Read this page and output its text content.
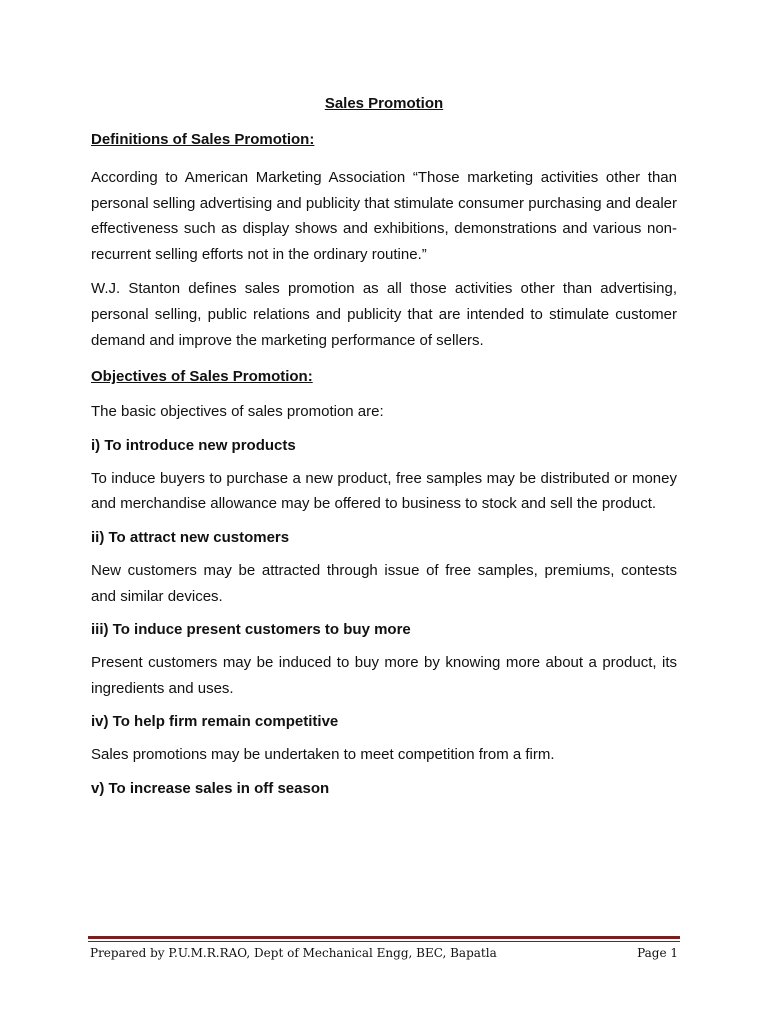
Sales Promotion
Definitions of Sales Promotion:

According to American Marketing Association “Those marketing activities other than personal selling advertising and publicity that stimulate consumer purchasing and dealer effectiveness such as display shows and exhibitions, demonstrations and various non-recurrent selling efforts not in the ordinary routine.”

W.J. Stanton defines sales promotion as all those activities other than advertising, personal selling, public relations and publicity that are intended to stimulate customer demand and improve the marketing performance of sellers.

Objectives of Sales Promotion:

The basic objectives of sales promotion are:

i) To introduce new products

To induce buyers to purchase a new product, free samples may be distributed or money and merchandise allowance may be offered to business to stock and sell the product.

ii) To attract new customers

New customers may be attracted through issue of free samples, premiums, contests and similar devices.

iii) To induce present customers to buy more

Present customers may be induced to buy more by knowing more about a product, its ingredients and uses.

iv) To help firm remain competitive

Sales promotions may be undertaken to meet competition from a firm.

v) To increase sales in off season
Prepared by P.U.M.R.RAO, Dept of Mechanical Engg, BEC, Bapatla	Page 1
